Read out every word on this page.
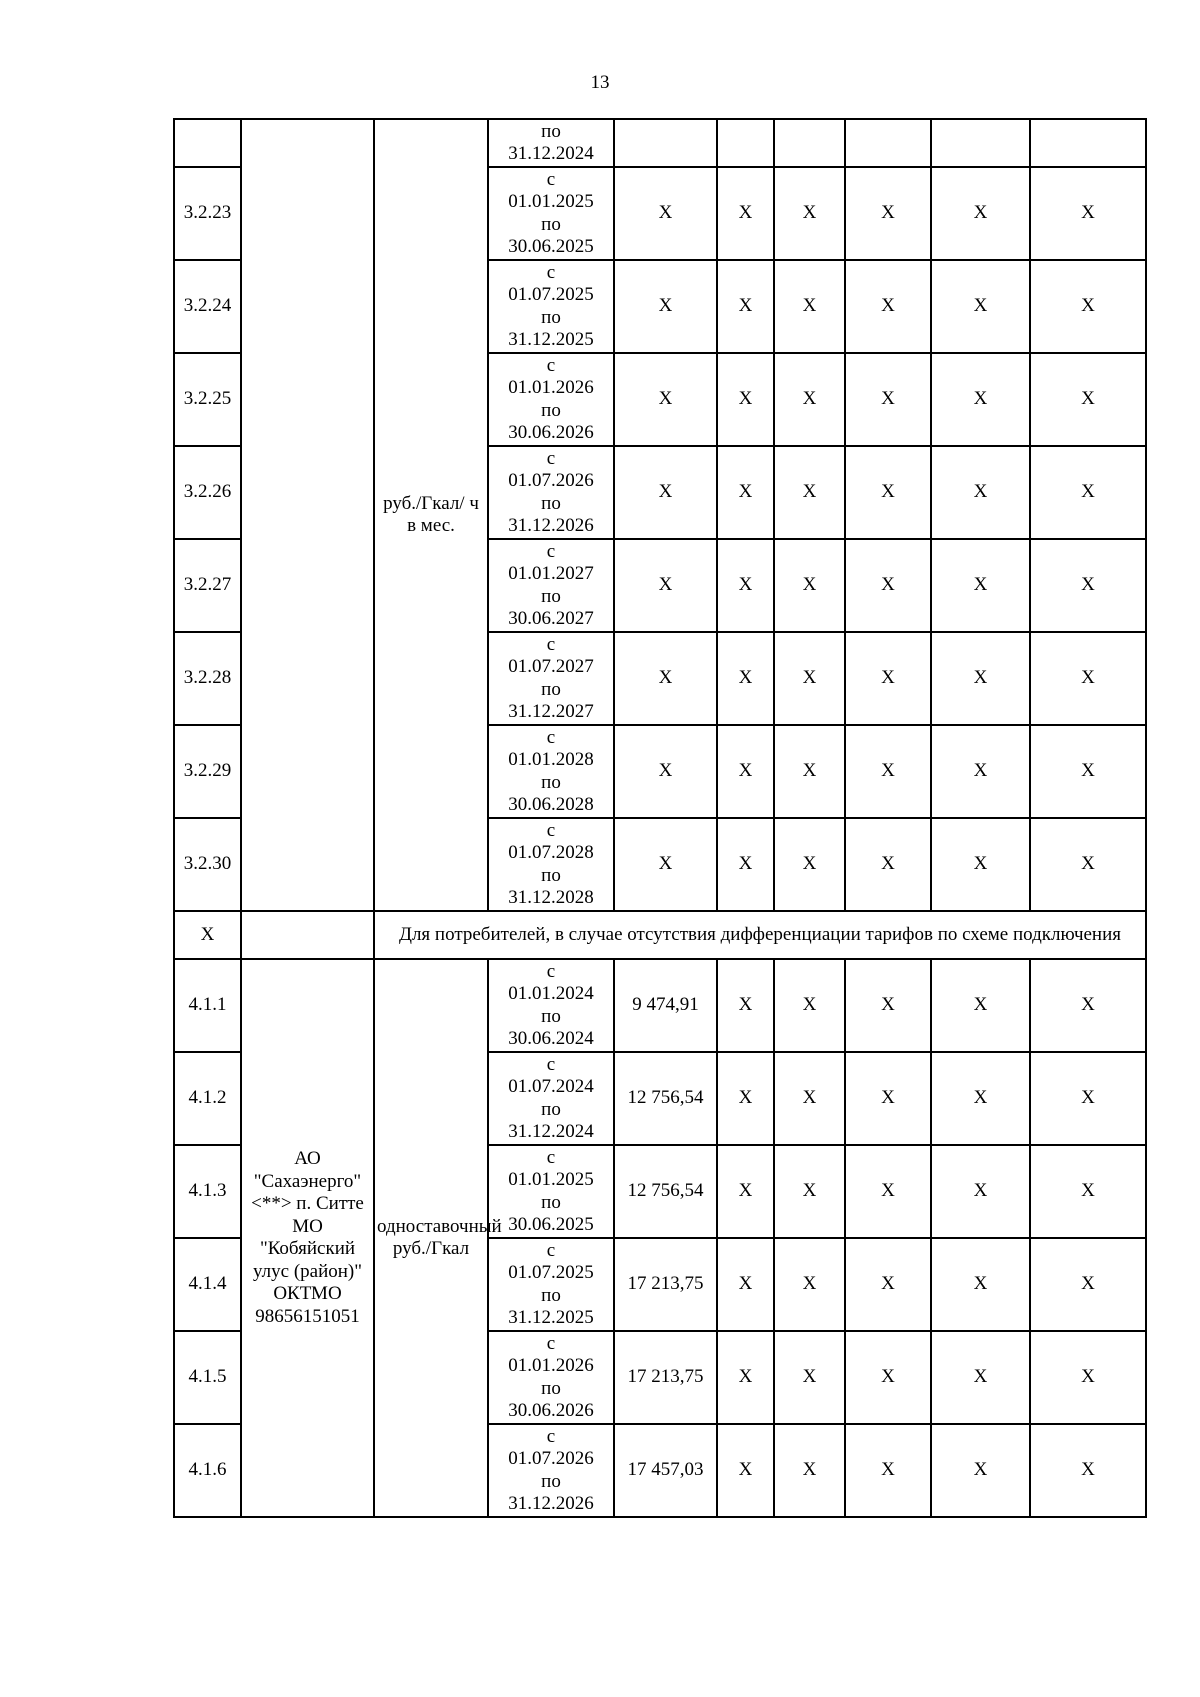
13
		руб./Гкал/ ч в мес.	по
31.12.2024						

3.2.23			с
01.01.2025
по
30.06.2025	X	X	X	X	X	X
3.2.24			с
01.07.2025
по
31.12.2025	X	X	X	X	X	X
3.2.25			с
01.01.2026
по
30.06.2026	X	X	X	X	X	X
3.2.26			с
01.07.2026
по
31.12.2026	X	X	X	X	X	X
3.2.27			с
01.01.2027
по
30.06.2027	X	X	X	X	X	X
3.2.28			с
01.07.2027
по
31.12.2027	X	X	X	X	X	X
3.2.29			с
01.01.2028
по
30.06.2028	X	X	X	X	X	X
3.2.30			с
01.07.2028
по
31.12.2028	X	X	X	X	X	X
X		Для потребителей, в случае отсутствия дифференциации тарифов по схеме подключения							
4.1.1	АО "Сахаэнерго" <**> п. Ситте МО "Кобяйский улус (район)" ОКТМО 98656151051	одноставочный руб./Гкал	с
01.01.2024
по
30.06.2024	9 474,91	X	X	X	X	X
4.1.2			с
01.07.2024
по
31.12.2024	12 756,54	X	X	X	X	X
4.1.3			с
01.01.2025
по
30.06.2025	12 756,54	X	X	X	X	X
4.1.4			с
01.07.2025
по
31.12.2025	17 213,75	X	X	X	X	X
4.1.5			с
01.01.2026
по
30.06.2026	17 213,75	X	X	X	X	X
4.1.6			с
01.07.2026
по
31.12.2026	17 457,03	X	X	X	X	X
